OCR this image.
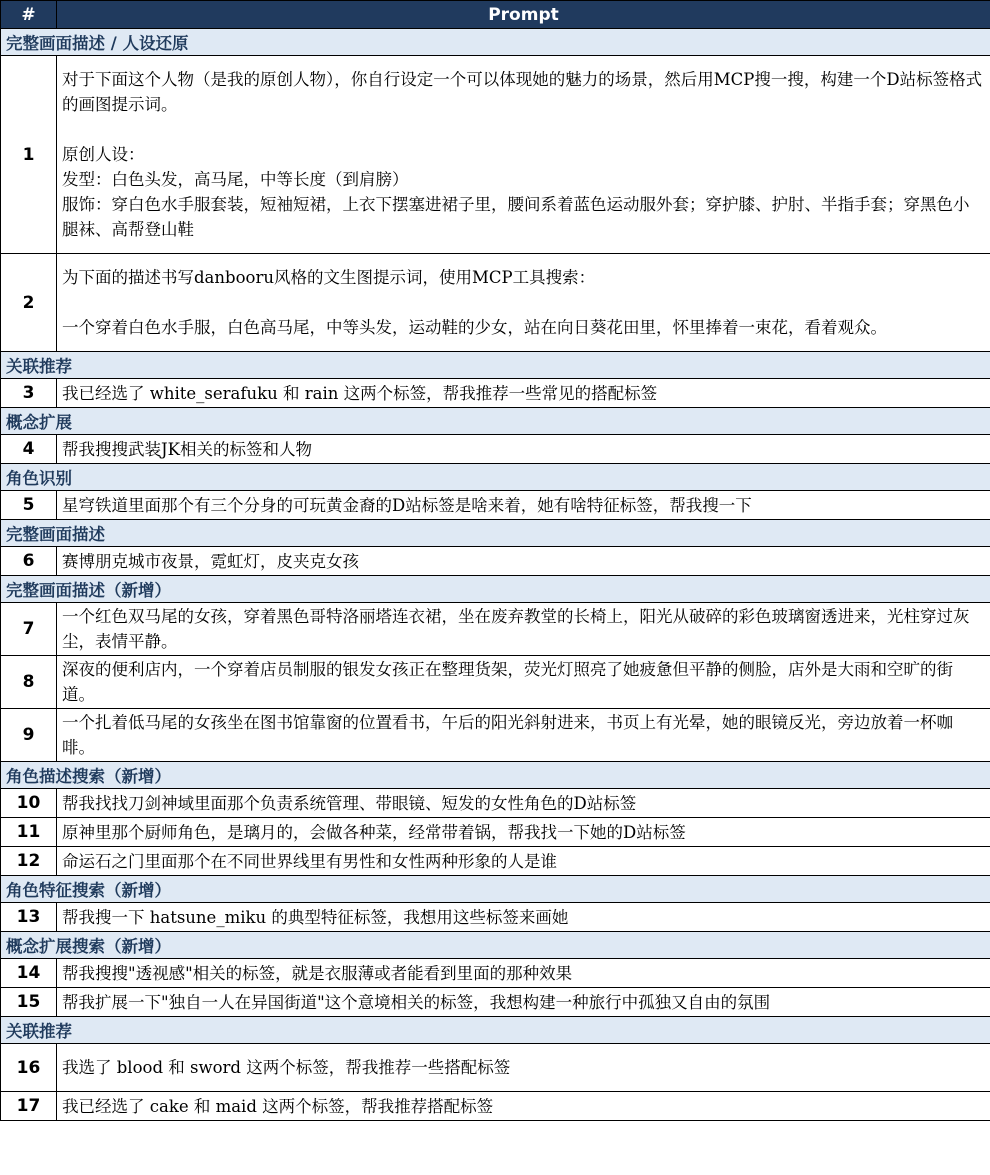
#	Prompt
完整画面描述 / 人设还原	
1	对于下面这个人物（是我的原创人物），你自行设定一个可以体现她的魅力的场景，然后用MCP搜一搜，构建一个D站标签格式的画图提示词。

原创人设：
发型：白色头发，高马尾，中等长度（到肩膀）
服饰：穿白色水手服套装，短袖短裙，上衣下摆塞进裙子里，腰间系着蓝色运动服外套；穿护膝、护肘、半指手套；穿黑色小腿袜、高帮登山鞋
2	为下面的描述书写danbooru风格的文生图提示词，使用MCP工具搜索：

一个穿着白色水手服，白色高马尾，中等头发，运动鞋的少女，站在向日葵花田里，怀里捧着一束花，看着观众。
关联推荐	
3	我已经选了 white_serafuku 和 rain 这两个标签，帮我推荐一些常见的搭配标签
概念扩展	
4	帮我搜搜武装JK相关的标签和人物
角色识别	
5	星穹铁道里面那个有三个分身的可玩黄金裔的D站标签是啥来着，她有啥特征标签，帮我搜一下
完整画面描述	
6	赛博朋克城市夜景，霓虹灯，皮夹克女孩
完整画面描述（新增）	
7	一个红色双马尾的女孩，穿着黑色哥特洛丽塔连衣裙，坐在废弃教堂的长椅上，阳光从破碎的彩色玻璃窗透进来，光柱穿过灰尘，表情平静。
8	深夜的便利店内，一个穿着店员制服的银发女孩正在整理货架，荧光灯照亮了她疲惫但平静的侧脸，店外是大雨和空旷的街道。
9	一个扎着低马尾的女孩坐在图书馆靠窗的位置看书，午后的阳光斜射进来，书页上有光晕，她的眼镜反光，旁边放着一杯咖啡。
角色描述搜索（新增）	
10	帮我找找刀剑神域里面那个负责系统管理、带眼镜、短发的女性角色的D站标签
11	原神里那个厨师角色，是璃月的，会做各种菜，经常带着锅，帮我找一下她的D站标签
12	命运石之门里面那个在不同世界线里有男性和女性两种形象的人是谁
角色特征搜索（新增）	
13	帮我搜一下 hatsune_miku 的典型特征标签，我想用这些标签来画她
概念扩展搜索（新增）	
14	帮我搜搜"透视感"相关的标签，就是衣服薄或者能看到里面的那种效果
15	帮我扩展一下"独自一人在异国街道"这个意境相关的标签，我想构建一种旅行中孤独又自由的氛围
关联推荐	
16	我选了 blood 和 sword 这两个标签，帮我推荐一些搭配标签
17	我已经选了 cake 和 maid 这两个标签，帮我推荐搭配标签
